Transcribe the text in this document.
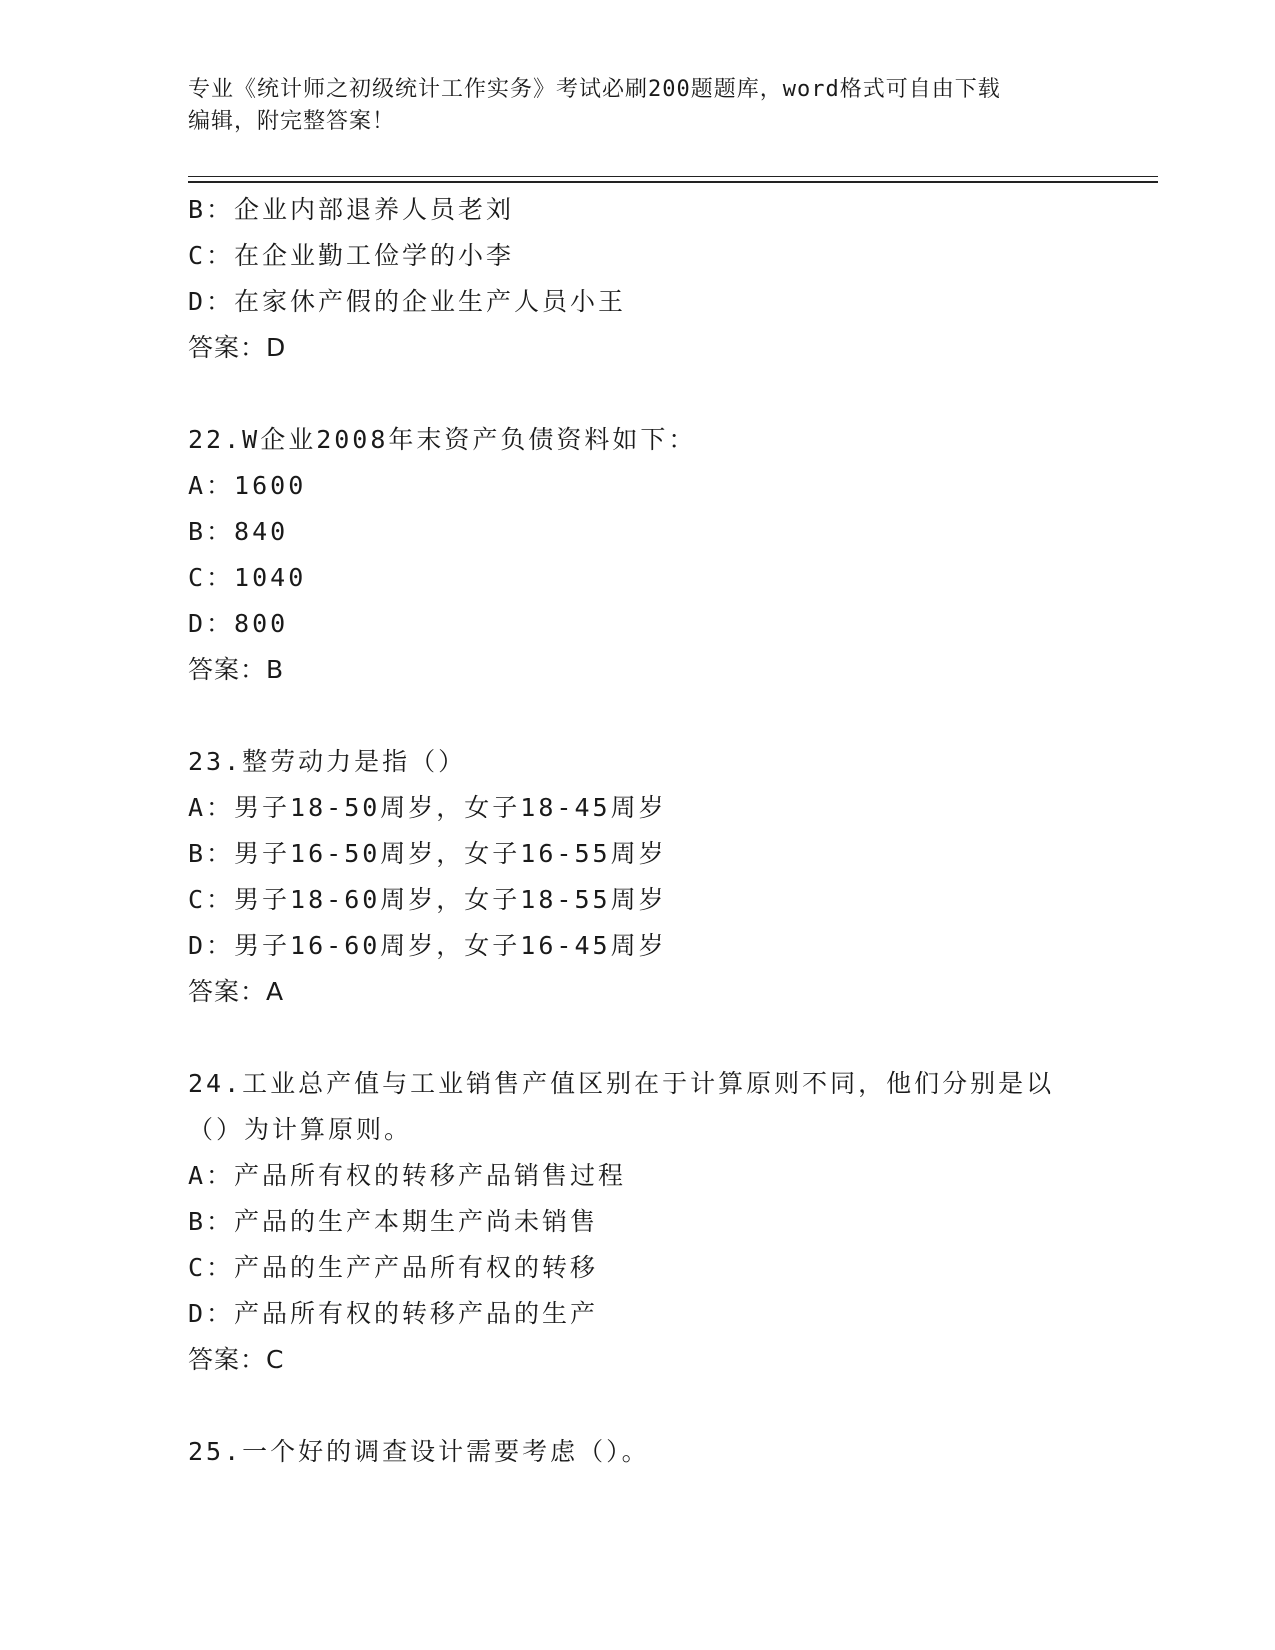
专业《统计师之初级统计工作实务》考试必刷200题题库，word格式可自由下载
编辑，附完整答案！
B：企业内部退养人员老刘
C：在企业勤工俭学的小李
D：在家休产假的企业生产人员小王
答案：D
22.W企业2008年末资产负债资料如下：
A：1600
B：840
C：1040
D：800
答案：B
23.整劳动力是指（）
A：男子18-50周岁，女子18-45周岁
B：男子16-50周岁，女子16-55周岁
C：男子18-60周岁，女子18-55周岁
D：男子16-60周岁，女子16-45周岁
答案：A
24.工业总产值与工业销售产值区别在于计算原则不同，他们分别是以（）为计算原则。
A：产品所有权的转移产品销售过程
B：产品的生产本期生产尚未销售
C：产品的生产产品所有权的转移
D：产品所有权的转移产品的生产
答案：C
25.一个好的调查设计需要考虑（）。
